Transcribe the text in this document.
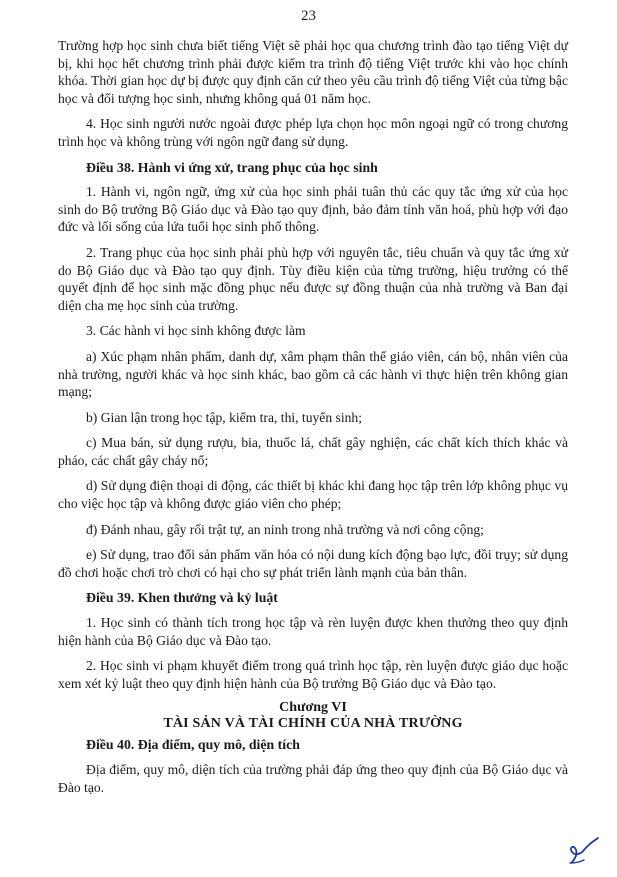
23

Trường hợp học sinh chưa biết tiếng Việt sẽ phải học qua chương trình đào tạo tiếng Việt dự bị, khi học hết chương trình phải được kiểm tra trình độ tiếng Việt trước khi vào học chính khóa. Thời gian học dự bị được quy định căn cứ theo yêu cầu trình độ tiếng Việt của từng bậc học và đối tượng học sinh, nhưng không quá 01 năm học.

4. Học sinh người nước ngoài được phép lựa chọn học môn ngoại ngữ có trong chương trình học và không trùng với ngôn ngữ đang sử dụng.

Điều 38. Hành vi ứng xử, trang phục của học sinh

1. Hành vi, ngôn ngữ, ứng xử của học sinh phải tuân thủ các quy tắc ứng xử của học sinh do Bộ trưởng Bộ Giáo dục và Đào tạo quy định, bảo đảm tính văn hoá, phù hợp với đạo đức và lối sống của lứa tuổi học sinh phổ thông.

2. Trang phục của học sinh phải phù hợp với nguyên tắc, tiêu chuẩn và quy tắc ứng xử do Bộ Giáo dục và Đào tạo quy định. Tùy điều kiện của từng trường, hiệu trưởng có thể quyết định để học sinh mặc đồng phục nếu được sự đồng thuận của nhà trường và Ban đại diện cha mẹ học sinh của trường.

3. Các hành vi học sinh không được làm

a) Xúc phạm nhân phẩm, danh dự, xâm phạm thân thể giáo viên, cán bộ, nhân viên của nhà trường, người khác và học sinh khác, bao gồm cả các hành vi thực hiện trên không gian mạng;

b) Gian lận trong học tập, kiểm tra, thi, tuyển sinh;

c) Mua bán, sử dụng rượu, bia, thuốc lá, chất gây nghiện, các chất kích thích khác và pháo, các chất gây cháy nổ;

d) Sử dụng điện thoại di động, các thiết bị khác khi đang học tập trên lớp không phục vụ cho việc học tập và không được giáo viên cho phép;

đ) Đánh nhau, gây rối trật tự, an ninh trong nhà trường và nơi công cộng;

e) Sử dụng, trao đổi sản phẩm văn hóa có nội dung kích động bạo lực, đồi trụy; sử dụng đồ chơi hoặc chơi trò chơi có hại cho sự phát triển lành mạnh của bản thân.

Điều 39. Khen thưởng và kỷ luật

1. Học sinh có thành tích trong học tập và rèn luyện được khen thưởng theo quy định hiện hành của Bộ Giáo dục và Đào tạo.

2. Học sinh vi phạm khuyết điểm trong quá trình học tập, rèn luyện được giáo dục hoặc xem xét kỷ luật theo quy định hiện hành của Bộ trưởng Bộ Giáo dục và Đào tạo.

Chương VI
TÀI SẢN VÀ TÀI CHÍNH CỦA NHÀ TRƯỜNG
Điều 40. Địa điểm, quy mô, diện tích

Địa điểm, quy mô, diện tích của trường phải đáp ứng theo quy định của Bộ Giáo dục và Đào tạo.
